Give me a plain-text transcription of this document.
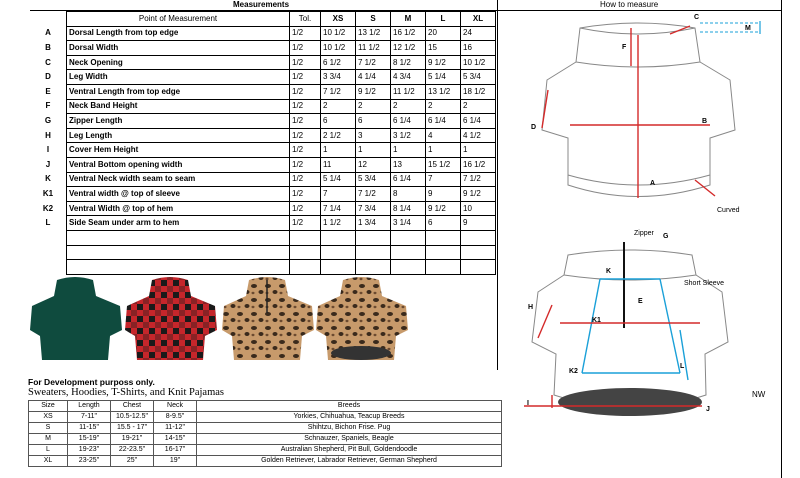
Measurements	How to measure
	Point of Measurement	Tol.	XS	S	M	L	XL
A	Dorsal Length from top edge	1/2	10 1/2	13 1/2	16 1/2	20	24
B	Dorsal Width	1/2	10 1/2	11 1/2	12 1/2	15	16
C	Neck Opening	1/2	6 1/2	7 1/2	8 1/2	9 1/2	10 1/2
D	Leg Width	1/2	3 3/4	4 1/4	4 3/4	5 1/4	5 3/4
E	Ventral Length from top edge	1/2	7 1/2	9 1/2	11 1/2	13 1/2	18 1/2
F	Neck Band Height	1/2	2	2	2	2	2
G	Zipper Length	1/2	6	6	6 1/4	6 1/4	6 1/4
H	Leg Length	1/2	2 1/2	3	3 1/2	4	4 1/2
I	Cover Hem Height	1/2	1	1	1	1	1
J	Ventral Bottom opening width	1/2	11	12	13	15 1/2	16 1/2
K	Ventral Neck width seam to seam	1/2	5 1/4	5 3/4	6 1/4	7	7 1/2
K1	Ventral width @ top of sleeve	1/2	7	7 1/2	8	9	9 1/2
K2	Ventral Width @ top of hem	1/2	7 1/4	7 3/4	8 1/4	9 1/2	10
L	Side Seam under arm to hem	1/2	1 1/2	1 3/4	3 1/4	6	9

For Development purposs only.
Sweaters, Hoodies, T-Shirts, and Knit Pajamas
Size	Length	Chest	Neck	Breeds
XS	7-11"	10.5-12.5"	8-9.5"	Yorkies, Chihuahua, Teacup Breeds
S	11-15"	15.5 - 17"	11-12"	Shihtzu, Bichon Frise. Pug
M	15-19"	19-21"	14-15"	Schnauzer, Spaniels, Beagle
L	19-23"	22-23.5"	16-17"	Australian Shepherd, Pit Bull, Goldendoodle
XL	23-25"	25"	19"	Golden Retriever, Labrador Retriever, German Shepherd
C
M
F
B
D
A
Curved
Zipper G
K
Short Sleeve
E
H
K1
K2
L
I
J
NW
